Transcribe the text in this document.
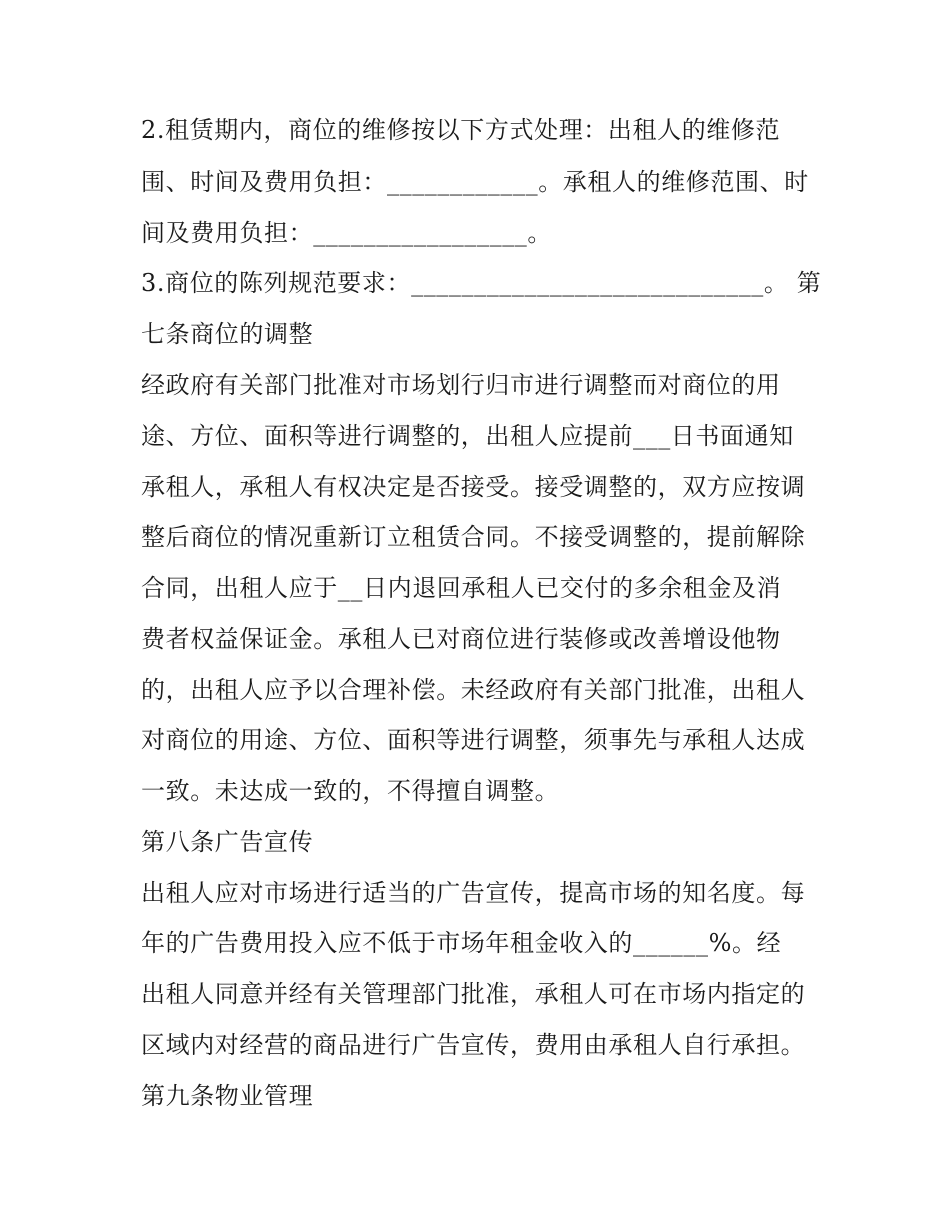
2.租赁期内，商位的维修按以下方式处理：出租人的维修范
围、时间及费用负担：____________。承租人的维修范围、时
间及费用负担：_________________。
3.商位的陈列规范要求：____________________________。 第
七条商位的调整
经政府有关部门批准对市场划行归市进行调整而对商位的用
途、方位、面积等进行调整的，出租人应提前___日书面通知
承租人，承租人有权决定是否接受。接受调整的，双方应按调
整后商位的情况重新订立租赁合同。不接受调整的，提前解除
合同，出租人应于__日内退回承租人已交付的多余租金及消
费者权益保证金。承租人已对商位进行装修或改善增设他物
的，出租人应予以合理补偿。未经政府有关部门批准，出租人
对商位的用途、方位、面积等进行调整，须事先与承租人达成
一致。未达成一致的，不得擅自调整。
第八条广告宣传
出租人应对市场进行适当的广告宣传，提高市场的知名度。每
年的广告费用投入应不低于市场年租金收入的______%。经
出租人同意并经有关管理部门批准，承租人可在市场内指定的
区域内对经营的商品进行广告宣传，费用由承租人自行承担。
第九条物业管理
